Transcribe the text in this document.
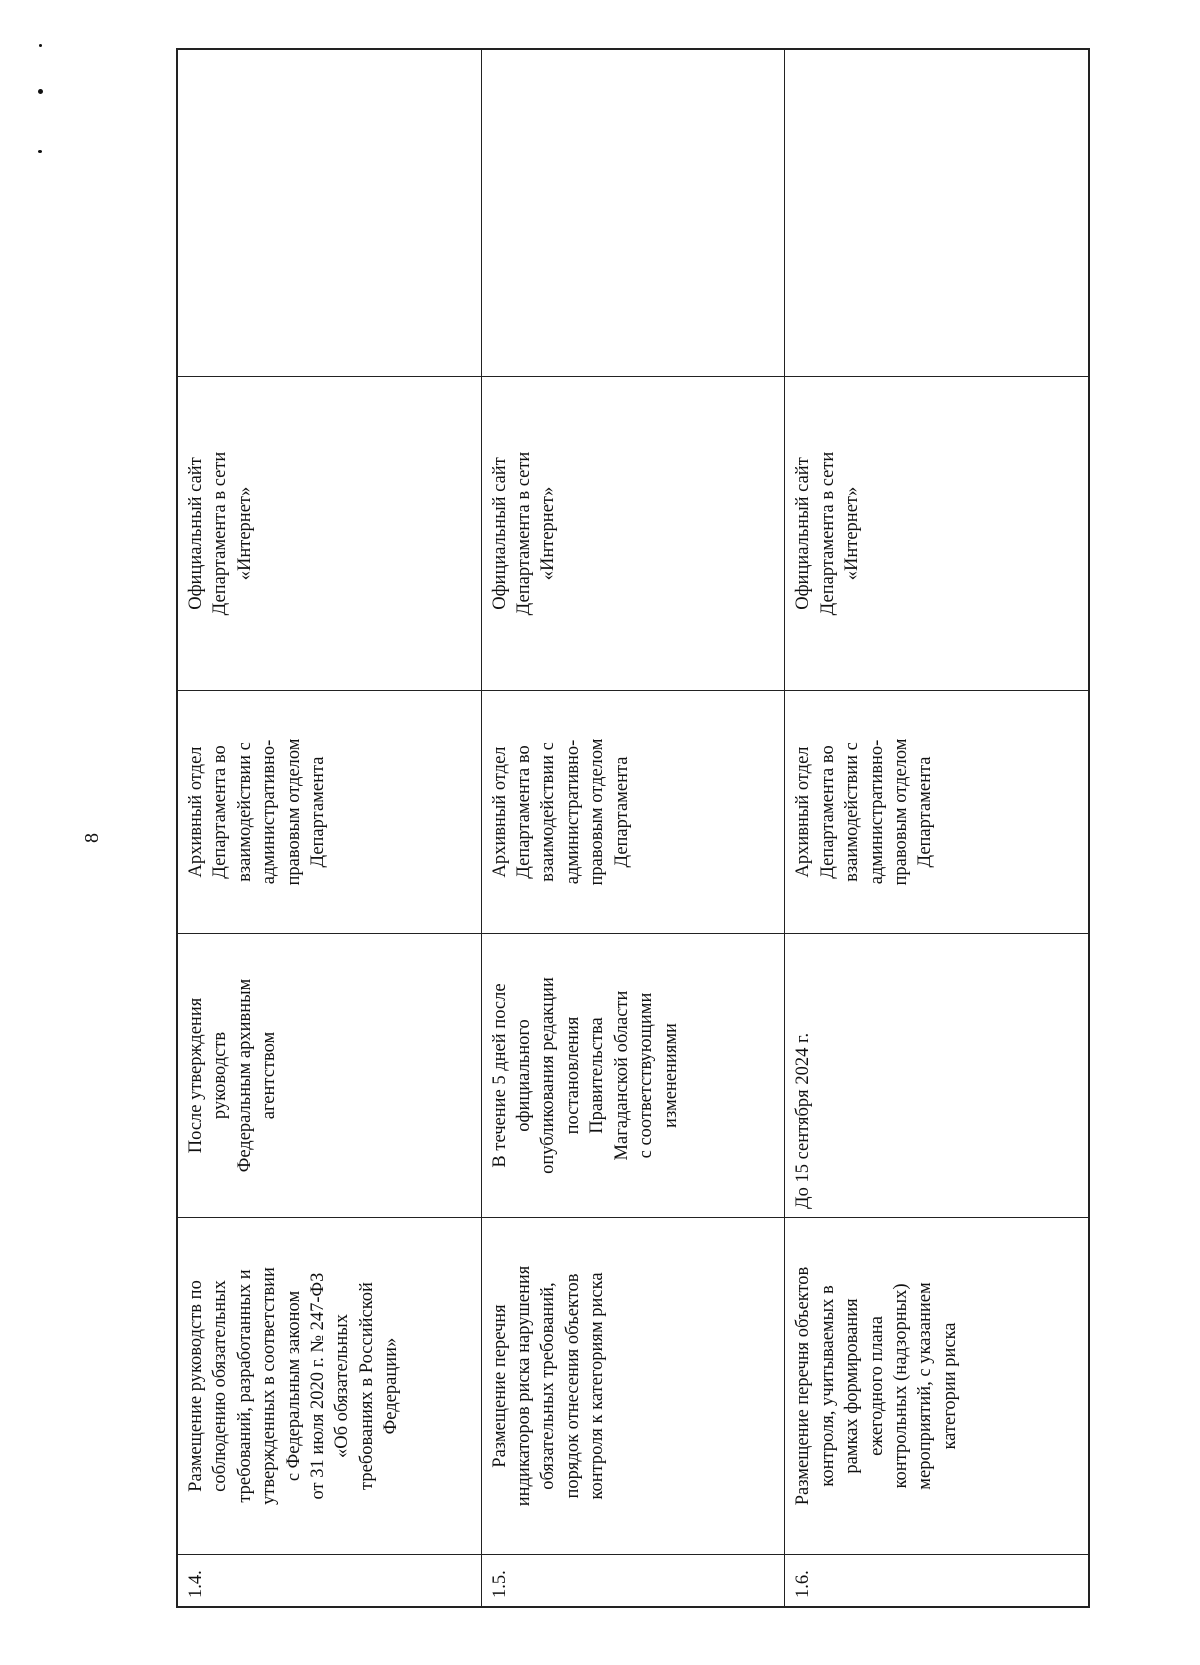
8
1.4.
Размещение руководств по
соблюдению обязательных
требований, разработанных и
утвержденных в соответствии
с Федеральным законом
от 31 июля 2020 г. № 247-ФЗ
«Об обязательных
требованиях в Российской
Федерации»
После утверждения
руководств
Федеральным архивным
агентством
Архивный отдел
Департамента во
взаимодействии с
административно-
правовым отделом
Департамента
Официальный сайт
Департамента в сети
«Интернет»
1.5.
Размещение перечня
индикаторов риска нарушения
обязательных требований,
порядок отнесения объектов
контроля к категориям риска
В течение 5 дней после
официального
опубликования редакции
постановления
Правительства
Магаданской области
с соответствующими
изменениями
Архивный отдел
Департамента во
взаимодействии с
административно-
правовым отделом
Департамента
Официальный сайт
Департамента в сети
«Интернет»
1.6.
Размещение перечня объектов
контроля, учитываемых в
рамках формирования
ежегодного плана
контрольных (надзорных)
мероприятий, с указанием
категории риска
До 15 сентября 2024 г.
Архивный отдел
Департамента во
взаимодействии с
административно-
правовым отделом
Департамента
Официальный сайт
Департамента в сети
«Интернет»
